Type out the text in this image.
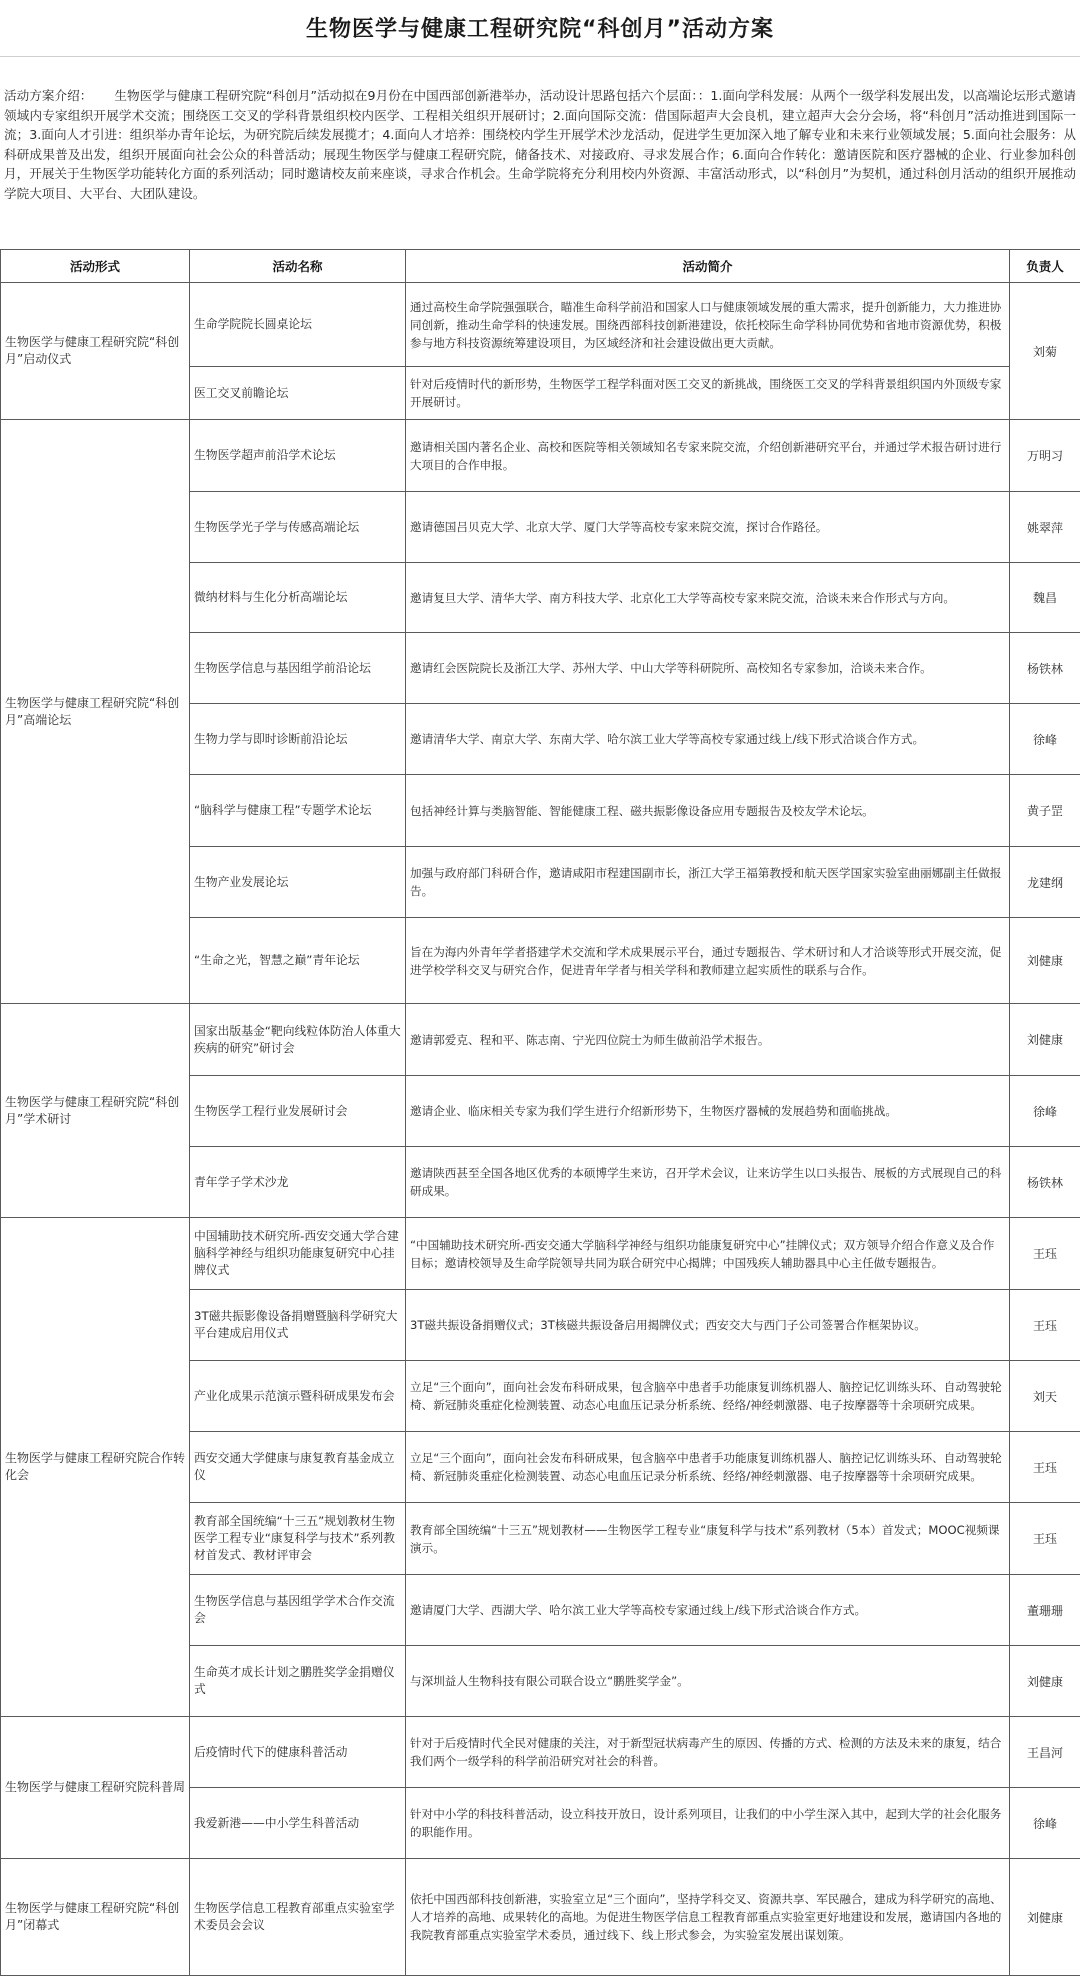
生物医学与健康工程研究院“科创月”活动方案
活动方案介绍： 生物医学与健康工程研究院“科创月”活动拟在9月份在中国西部创新港举办，活动设计思路包括六个层面：：1.面向学科发展：从两个一级学科发展出发，以高端论坛形式邀请领域内专家组织开展学术交流；围绕医工交叉的学科背景组织校内医学、工程相关组织开展研讨；2.面向国际交流：借国际超声大会良机，建立超声大会分会场，将“科创月”活动推进到国际一流；3.面向人才引进：组织举办青年论坛，为研究院后续发展揽才；4.面向人才培养：围绕校内学生开展学术沙龙活动，促进学生更加深入地了解专业和未来行业领域发展；5.面向社会服务：从科研成果普及出发，组织开展面向社会公众的科普活动；展现生物医学与健康工程研究院，储备技术、对接政府、寻求发展合作；6.面向合作转化：邀请医院和医疗器械的企业、行业参加科创月，开展关于生物医学功能转化方面的系列活动；同时邀请校友前来座谈，寻求合作机会。生命学院将充分利用校内外资源、丰富活动形式，以“科创月”为契机，通过科创月活动的组织开展推动学院大项目、大平台、大团队建设。
活动形式	活动名称	活动简介	负责人
生物医学与健康工程研究院“科创月”启动仪式	生命学院院长圆桌论坛	通过高校生命学院强强联合，瞄准生命科学前沿和国家人口与健康领域发展的重大需求，提升创新能力，大力推进协同创新，推动生命学科的快速发展。围绕西部科技创新港建设，依托校际生命学科协同优势和省地市资源优势，积极参与地方科技资源统筹建设项目，为区域经济和社会建设做出更大贡献。	刘菊
	医工交叉前瞻论坛	针对后疫情时代的新形势，生物医学工程学科面对医工交叉的新挑战，围绕医工交叉的学科背景组织国内外顶级专家开展研讨。	
生物医学与健康工程研究院“科创月”高端论坛	生物医学超声前沿学术论坛	邀请相关国内著名企业、高校和医院等相关领域知名专家来院交流，介绍创新港研究平台，并通过学术报告研讨进行大项目的合作申报。	万明习
	生物医学光子学与传感高端论坛	邀请德国吕贝克大学、北京大学、厦门大学等高校专家来院交流，探讨合作路径。	姚翠萍
	微纳材料与生化分析高端论坛	邀请复旦大学、清华大学、南方科技大学、北京化工大学等高校专家来院交流，洽谈未来合作形式与方向。	魏昌
	生物医学信息与基因组学前沿论坛	邀请红会医院院长及浙江大学、苏州大学、中山大学等科研院所、高校知名专家参加，洽谈未来合作。	杨铁林
	生物力学与即时诊断前沿论坛	邀请清华大学、南京大学、东南大学、哈尔滨工业大学等高校专家通过线上/线下形式洽谈合作方式。	徐峰
	“脑科学与健康工程”专题学术论坛	包括神经计算与类脑智能、智能健康工程、磁共振影像设备应用专题报告及校友学术论坛。	黄子罡
	生物产业发展论坛	加强与政府部门科研合作，邀请咸阳市程建国副市长，浙江大学王福第教授和航天医学国家实验室曲丽娜副主任做报告。	龙建纲
	“生命之光，智慧之巅”青年论坛	旨在为海内外青年学者搭建学术交流和学术成果展示平台，通过专题报告、学术研讨和人才洽谈等形式开展交流，促进学校学科交叉与研究合作，促进青年学者与相关学科和教师建立起实质性的联系与合作。	刘健康
生物医学与健康工程研究院“科创月”学术研讨	国家出版基金“靶向线粒体防治人体重大疾病的研究”研讨会	邀请郭爱克、程和平、陈志南、宁光四位院士为师生做前沿学术报告。	刘健康
	生物医学工程行业发展研讨会	邀请企业、临床相关专家为我们学生进行介绍新形势下，生物医疗器械的发展趋势和面临挑战。	徐峰
	青年学子学术沙龙	邀请陕西甚至全国各地区优秀的本硕博学生来访，召开学术会议，让来访学生以口头报告、展板的方式展现自己的科研成果。	杨铁林
生物医学与健康工程研究院合作转化会	中国辅助技术研究所-西安交通大学合建脑科学神经与组织功能康复研究中心挂牌仪式	“中国辅助技术研究所-西安交通大学脑科学神经与组织功能康复研究中心”挂牌仪式；双方领导介绍合作意义及合作目标；邀请校领导及生命学院领导共同为联合研究中心揭牌；中国残疾人辅助器具中心主任做专题报告。	王珏
	3T磁共振影像设备捐赠暨脑科学研究大平台建成启用仪式	3T磁共振设备捐赠仪式；3T核磁共振设备启用揭牌仪式；西安交大与西门子公司签署合作框架协议。	王珏
	产业化成果示范演示暨科研成果发布会	立足“三个面向”，面向社会发布科研成果，包含脑卒中患者手功能康复训练机器人、脑控记忆训练头环、自动驾驶轮椅、新冠肺炎重症化检测装置、动态心电血压记录分析系统、经络/神经刺激器、电子按摩器等十余项研究成果。	刘天
	西安交通大学健康与康复教育基金成立仪	立足“三个面向”，面向社会发布科研成果，包含脑卒中患者手功能康复训练机器人、脑控记忆训练头环、自动驾驶轮椅、新冠肺炎重症化检测装置、动态心电血压记录分析系统、经络/神经刺激器、电子按摩器等十余项研究成果。	王珏
	教育部全国统编“十三五”规划教材生物医学工程专业“康复科学与技术”系列教材首发式、教材评审会	教育部全国统编“十三五”规划教材——生物医学工程专业“康复科学与技术”系列教材（5本）首发式；MOOC视频课演示。	王珏
	生物医学信息与基因组学学术合作交流会	邀请厦门大学、西湖大学、哈尔滨工业大学等高校专家通过线上/线下形式洽谈合作方式。	董珊珊
	生命英才成长计划之鹏胜奖学金捐赠仪式	与深圳益人生物科技有限公司联合设立“鹏胜奖学金”。	刘健康
生物医学与健康工程研究院科普周	后疫情时代下的健康科普活动	针对于后疫情时代全民对健康的关注，对于新型冠状病毒产生的原因、传播的方式、检测的方法及未来的康复，结合我们两个一级学科的科学前沿研究对社会的科普。	王昌河
	我爱新港——中小学生科普活动	针对中小学的科技科普活动，设立科技开放日，设计系列项目，让我们的中小学生深入其中，起到大学的社会化服务的职能作用。	徐峰
生物医学与健康工程研究院“科创月”闭幕式	生物医学信息工程教育部重点实验室学术委员会会议	依托中国西部科技创新港，实验室立足“三个面向”，坚持学科交叉、资源共享、军民融合，建成为科学研究的高地、人才培养的高地、成果转化的高地。为促进生物医学信息工程教育部重点实验室更好地建设和发展，邀请国内各地的我院教育部重点实验室学术委员，通过线下、线上形式参会，为实验室发展出谋划策。	刘健康
